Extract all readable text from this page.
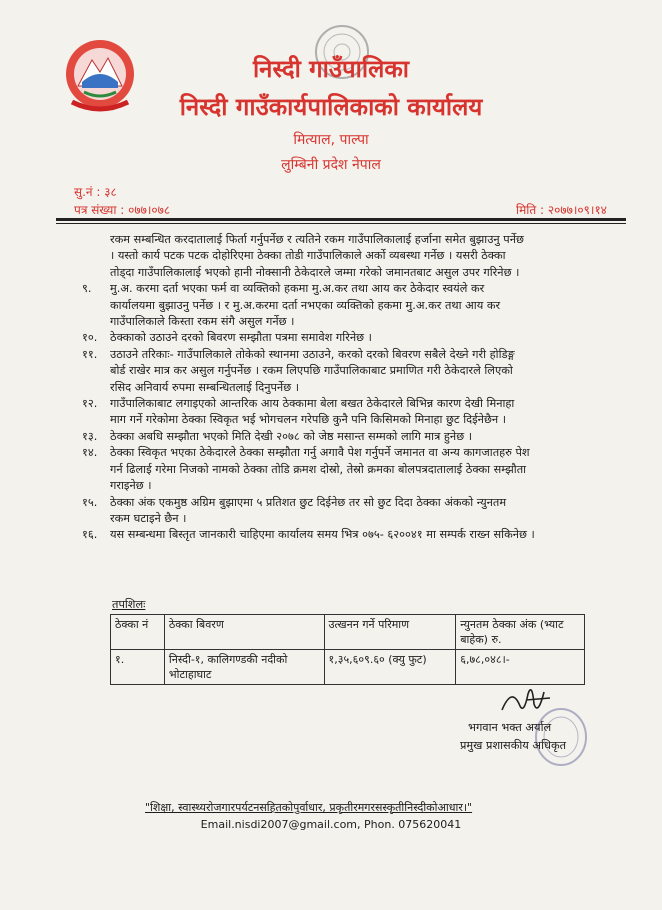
निस्दी गाउँपालिका
निस्दी गाउँकार्यपालिकाको कार्यालय
मित्याल, पाल्पा
लुम्बिनी प्रदेश नेपाल
सु.नं : ३८
पत्र संख्या : ०७७।०७८	मिति : २०७७।०९।१४
रकम सम्बन्धित करदातालाई फिर्ता गर्नुपर्नेछ र त्यतिने रकम गाउँपालिकालाई हर्जाना समेत बुझाउनु पर्नेछ
। यस्तो कार्य पटक पटक दोहोरिएमा ठेक्का तोडी गाउँपालिकाले अर्को व्यबस्था गर्नेछ । यसरी ठेक्का
तोड्दा गाउँपालिकालाई भएको हानी नोक्सानी ठेकेदारले जम्मा गरेको जमानतबाट असुल उपर गरिनेछ ।
९.	मु.अ. करमा दर्ता भएका फर्म वा व्यक्तिको हकमा मु.अ.कर तथा आय कर ठेकेदार स्वयंले कर
कार्यालयमा बुझाउनु पर्नेछ । र मु.अ.करमा दर्ता नभएका व्यक्तिको हकमा मु.अ.कर तथा आय कर
गाउँपालिकाले किस्ता रकम संगै असुल गर्नेछ ।
१०.	ठेक्काको उठाउने दरको बिवरण सम्झौता पत्रमा समावेश गरिनेछ ।
११.	उठाउने तरिकाः- गाउँपालिकाले तोकेको स्थानमा उठाउने, करको दरको बिवरण सबैले देख्ने गरी होडिङ्ग
बोर्ड राखेर मात्र कर असुल गर्नुपर्नेछ । रकम लिएपछि गाउँपालिकाबाट प्रमाणित गरी ठेकेदारले लिएको
रसिद अनिवार्य रुपमा सम्बन्धितलाई दिनुपर्नेछ ।
१२.	गाउँपालिकाबाट लगाइएको आन्तरिक आय ठेक्कामा बेला बखत ठेकेदारले बिभिन्न कारण देखी मिनाहा
माग गर्ने गरेकोमा ठेक्का स्विकृत भई भोगचलन गरेपछि कुनै पनि किसिमको मिनाहा छुट दिईनेछैन ।
१३.	ठेक्का अबधि सम्झौता भएको मिति देखी २०७८ को जेष्ठ मसान्त सम्मको लागि मात्र हुनेछ ।
१४.	ठेक्का स्विकृत भएका ठेकेदारले ठेक्का सम्झौता गर्नु अगावै पेश गर्नुपर्ने जमानत वा अन्य कागजातहरु पेश
गर्न ढिलाई गरेमा निजको नामको ठेक्का तोडि क्रमश दोस्रो, तेस्रो क्रमका बोलपत्रदातालाई ठेक्का सम्झौता
गराइनेछ ।
१५.	ठेक्का अंक एकमुष्ठ अग्रिम बुझाएमा ५ प्रतिशत छुट दिईनेछ तर सो छुट दिदा ठेक्का अंकको न्युनतम
रकम घटाइने छैन ।
१६.	यस सम्बन्धमा बिस्तृत जानकारी चाहिएमा कार्यालय समय भित्र ०७५- ६२००४१ मा सम्पर्क राख्न सकिनेछ ।
तपशिलः
ठेक्का नं	ठेक्का बिवरण	उत्खनन गर्ने परिमाण	न्युनतम ठेक्का अंक (भ्याट बाहेक) रु.
१.	निस्दी-१, कालिगण्डकी नदीको भोटाहाघाट	१,३५,६०९.६० (क्यु फुट)	६,७८,०४८।-
भगवान भक्त अर्याल
प्रमुख प्रशासकीय अधिकृत
"शिक्षा, स्वास्थ्यरोजगारपर्यटनसहितकोपुर्वाधार, प्रकृतीरमगरसस्कृतीनिस्दीकोआधार।"
Email.nisdi2007@gmail.com, Phon. 075620041
